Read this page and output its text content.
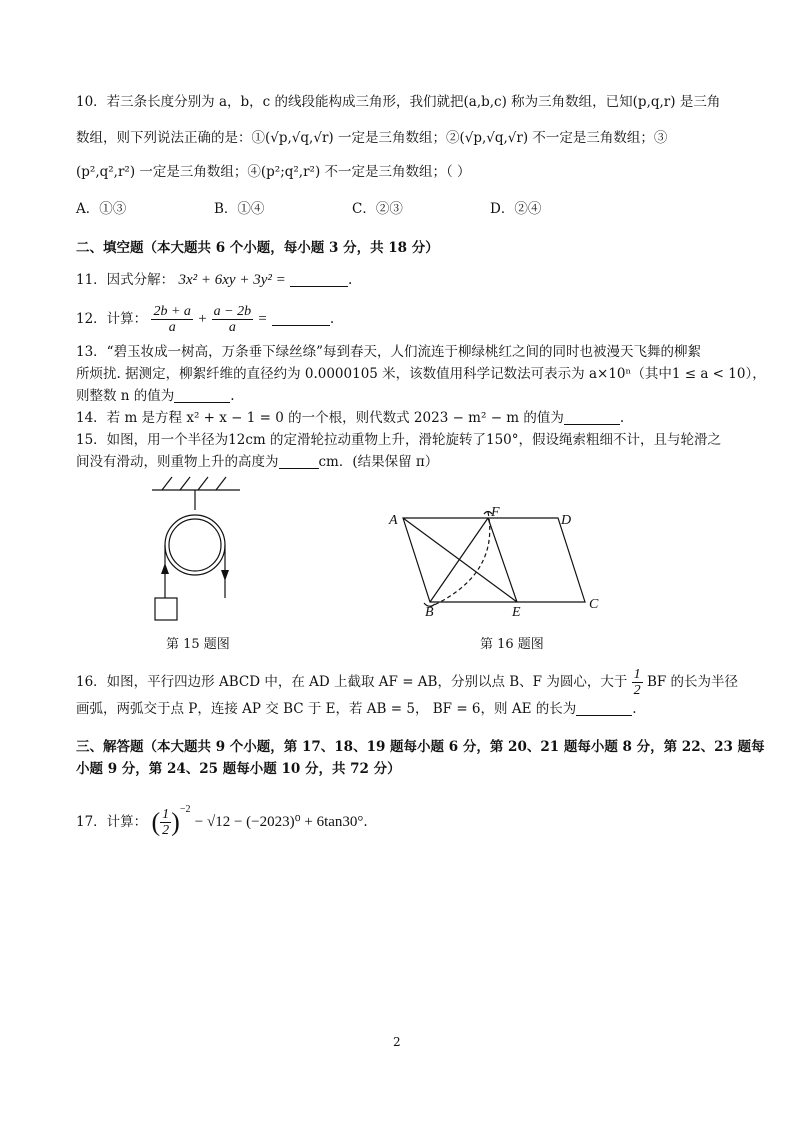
10．若三条长度分别为 a，b，c 的线段能构成三角形，我们就把(a,b,c) 称为三角数组，已知(p,q,r) 是三角
数组，则下列说法正确的是：①(√p,√q,√r) 一定是三角数组；②(√p,√q,√r) 不一定是三角数组；③
(p²,q²,r²) 一定是三角数组；④(p²;q²,r²) 不一定是三角数组；（ ）
A．①③	B．①④	C．②③	D．②④
二、填空题（本大题共 6 个小题，每小题 3 分，共 18 分）
11．因式分解： 3x² + 6xy + 3y² =	.
12．计算： $\frac{2b + a}{a} + \frac{a - 2b}{a}$ =	.
13．“碧玉妆成一树高，万条垂下绿丝绦”每到春天，人们流连于柳绿桃红之间的同时也被漫天飞舞的柳絮
所烦扰. 据测定，柳絮纤维的直径约为 0.0000105 米，该数值用科学记数法可表示为 a×10ⁿ（其中1 ≤ a < 10），
则整数 n 的值为	.
14．若 m 是方程 x² + x − 1 = 0 的一个根，则代数式 2023 − m² − m 的值为	.
15．如图，用一个半径为12cm 的定滑轮拉动重物上升，滑轮旋转了150°，假设绳索粗细不计，且与轮滑之
间没有滑动，则重物上升的高度为	cm．(结果保留 π）
第 15 题图
A
F
D
B	E
C
第 16 题图
16．如图，平行四边形 ABCD 中，在 AD 上截取 AF = AB，分别以点 B、F 为圆心，大于 $\frac{1}{2}$ BF 的长为半径
画弧，两弧交于点 P，连接 AP 交 BC 于 E，若 AB = 5， BF = 6，则 AE 的长为	.
三、解答题（本大题共 9 个小题，第 17、18、19 题每小题 6 分，第 20、21 题每小题 8 分，第 22、23 题每
小题 9 分，第 24、25 题每小题 10 分，共 72 分）
17．计算： ( $\frac{1}{2} )^{-2} - √12 - (-2023)^0 + 6\tan 30^\circ$.
2
